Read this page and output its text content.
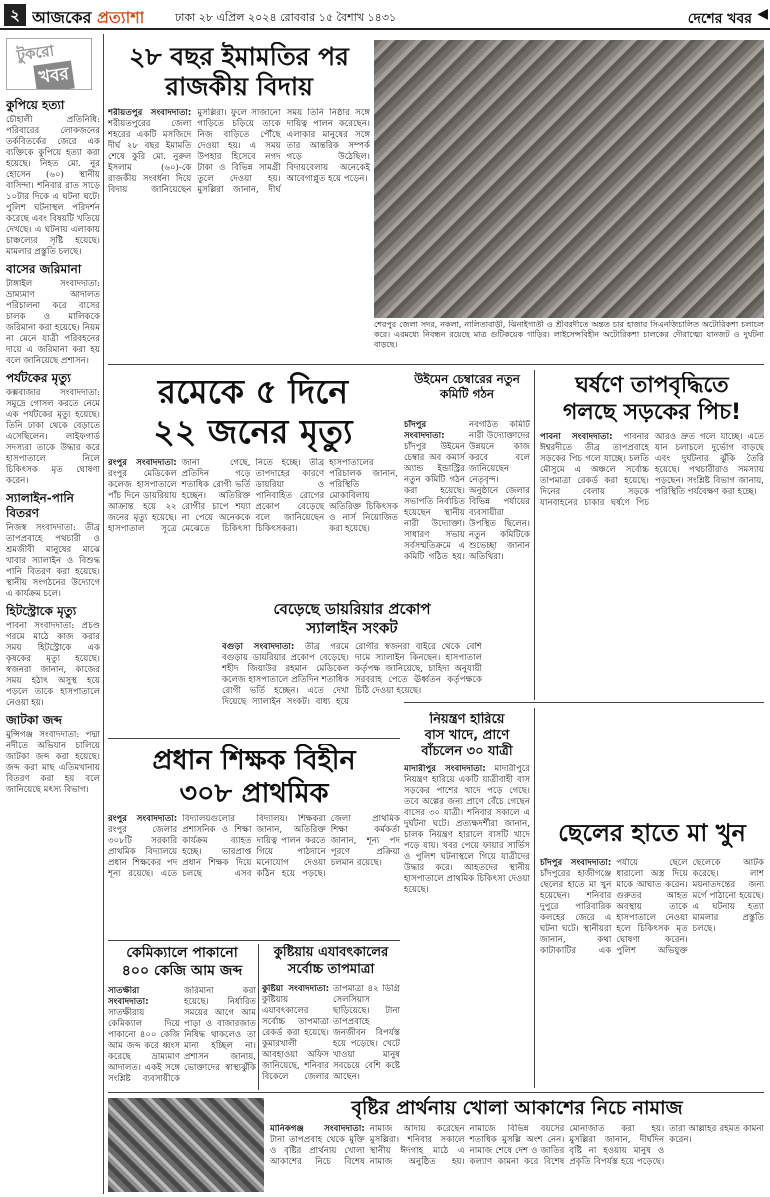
২ আজকের প্রত্যাশা	ঢাকা ২৮ এপ্রিল ২০২৪ রোববার ১৫ বৈশাখ ১৪৩১	দেশের খবর ◀
টুকরো
খবর
কুপিয়ে হত্যা

চৌহালী প্রতিনিধি: পরিবারের লোকজনের তর্কবিতর্কের জেরে এক ব্যক্তিকে কুপিয়ে হত্যা করা হয়েছে। নিহত মো. নুর হোসেন (৬০) স্থানীয় বাসিন্দা। শনিবার রাত সাড়ে ১০টার দিকে এ ঘটনা ঘটে। পুলিশ ঘটনাস্থল পরিদর্শন করেছে এবং বিষয়টি খতিয়ে দেখছে। এ ঘটনায় এলাকায় চাঞ্চল্যের সৃষ্টি হয়েছে। মামলার প্রস্তুতি চলছে।

বাসের জরিমানা

টাঙ্গাইল সংবাদদাতা: ভ্রাম্যমাণ আদালত পরিচালনা করে বাসের চালক ও মালিককে জরিমানা করা হয়েছে। নিয়ম না মেনে যাত্রী পরিবহনের দায়ে এ জরিমানা করা হয় বলে জানিয়েছে প্রশাসন।

পর্যটকের মৃত্যু

কক্সবাজার সংবাদদাতা: সমুদ্রে গোসল করতে নেমে এক পর্যটকের মৃত্যু হয়েছে। তিনি ঢাকা থেকে বেড়াতে এসেছিলেন। লাইফগার্ড সদস্যরা তাকে উদ্ধার করে হাসপাতালে নিলে চিকিৎসক মৃত ঘোষণা করেন।

স্যালাইন-পানি বিতরণ

নিজস্ব সংবাদদাতা: তীব্র তাপপ্রবাহে পথচারী ও শ্রমজীবী মানুষের মাঝে খাবার স্যালাইন ও বিশুদ্ধ পানি বিতরণ করা হয়েছে। স্থানীয় সংগঠনের উদ্যোগে এ কার্যক্রম চলে।

হিটস্ট্রোকে মৃত্যু

পাবনা সংবাদদাতা: প্রচণ্ড গরমে মাঠে কাজ করার সময় হিটস্ট্রোকে এক কৃষকের মৃত্যু হয়েছে। স্বজনরা জানান, কাজের সময় হঠাৎ অসুস্থ হয়ে পড়লে তাকে হাসপাতালে নেওয়া হয়।

জাটকা জব্দ

মুন্সিগঞ্জ সংবাদদাতা: পদ্মা নদীতে অভিযান চালিয়ে জাটকা জব্দ করা হয়েছে। জব্দ করা মাছ এতিমখানায় বিতরণ করা হয় বলে জানিয়েছে মৎস্য বিভাগ।

২৮ বছর ইমামতির পর
রাজকীয় বিদায়
শরীয়তপুর সংবাদদাতা: শরীয়তপুরের জেলা শহরের একটি মসজিদে দীর্ঘ ২৮ বছর ইমামতি শেষে কুরি মো. নুরুল ইসলাম (৬০)-কে রাজকীয় সংবর্ধনা দিয়ে বিদায় জানিয়েছেন মুসল্লিরা। ফুলে সাজানো গাড়িতে চড়িয়ে তাকে নিজ বাড়িতে পৌঁছে দেওয়া হয়। এ সময় উপহার হিসেবে নগদ টাকা ও বিভিন্ন সামগ্রী তুলে দেওয়া হয়। মুসল্লিরা জানান, দীর্ঘ সময় তিনি নিষ্ঠার সঙ্গে দায়িত্ব পালন করেছেন। এলাকার মানুষের সঙ্গে তার আন্তরিক সম্পর্ক গড়ে উঠেছিল। বিদায়বেলায় অনেকেই আবেগাপ্লুত হয়ে পড়েন।
শেরপুর জেলা সদর, নকলা, নালিতাবাড়ী, ঝিনাইগাতী ও শ্রীবরদীতে অন্তত চার হাজার সিএনজিচালিত অটোরিকশা চলাচল করে। এরমধ্যে নিবন্ধন রয়েছে মাত্র গুটিকয়েক গাড়ির। লাইসেন্সবিহীন অটোরিকশা চালকের দৌরাত্ম্যে যানজট ও দুর্ঘটনা বাড়ছে।
রমেকে ৫ দিনে
২২ জনের মৃত্যু
রংপুর সংবাদদাতা: রংপুর মেডিকেল কলেজ হাসপাতালে পাঁচ দিনে ডায়রিয়ায় আক্রান্ত হয়ে ২২ জনের মৃত্যু হয়েছে। হাসপাতাল সূত্রে জানা গেছে, প্রতিদিন গড়ে শতাধিক রোগী ভর্তি হচ্ছেন। অতিরিক্ত রোগীর চাপে শয্যা না পেয়ে অনেককে মেঝেতে চিকিৎসা নিতে হচ্ছে। তীব্র তাপদাহের কারণে ডায়রিয়া ও পানিবাহিত রোগের প্রকোপ বেড়েছে বলে জানিয়েছেন চিকিৎসকরা। হাসপাতালের পরিচালক জানান, পরিস্থিতি মোকাবিলায় অতিরিক্ত চিকিৎসক ও নার্স নিয়োজিত করা হয়েছে।
বেড়েছে ডায়রিয়ার প্রকোপ
স্যালাইন সংকট
বগুড়া সংবাদদাতা: তীব্র গরমে বগুড়ায় ডায়রিয়ার প্রকোপ বেড়েছে। শহীদ জিয়াউর রহমান মেডিকেল কলেজ হাসপাতালে প্রতিদিন শতাধিক রোগী ভর্তি হচ্ছেন। এতে দেখা দিয়েছে স্যালাইন সংকট। বাধ্য হয়ে রোগীর স্বজনরা বাইরে থেকে বেশি দামে স্যালাইন কিনছেন। হাসপাতাল কর্তৃপক্ষ জানিয়েছে, চাহিদা অনুযায়ী সরবরাহ পেতে ঊর্ধ্বতন কর্তৃপক্ষকে চিঠি দেওয়া হয়েছে।
উইমেন চেম্বারের নতুন কমিটি গঠন
চাঁদপুর সংবাদদাতা: চাঁদপুর উইমেন চেম্বার অব কমার্স অ্যান্ড ইন্ডাস্ট্রির নতুন কমিটি গঠন করা হয়েছে। সভাপতি নির্বাচিত হয়েছেন স্থানীয় নারী উদ্যোক্তা। সাধারণ সভায় সর্বসম্মতিক্রমে এ কমিটি গঠিত হয়। নবগঠিত কমিটি নারী উদ্যোক্তাদের উন্নয়নে কাজ করবে বলে জানিয়েছেন নেতৃবৃন্দ। অনুষ্ঠানে জেলার বিভিন্ন পর্যায়ের ব্যবসায়ীরা উপস্থিত ছিলেন। নতুন কমিটিকে শুভেচ্ছা জানান অতিথিরা।
ঘর্ষণে তাপবৃদ্ধিতে
গলছে সড়কের পিচ!
পাবনা সংবাদদাতা: পাবনার ঈশ্বরদীতে তীব্র তাপপ্রবাহে সড়কের পিচ গলে যাচ্ছে। চলতি মৌসুমে এ অঞ্চলে সর্বোচ্চ তাপমাত্রা রেকর্ড করা হয়েছে। দিনের বেলায় সড়কে যানবাহনের চাকার ঘর্ষণে পিচ আরও দ্রুত গলে যাচ্ছে। এতে যান চলাচলে দুর্ভোগ বাড়ছে এবং দুর্ঘটনার ঝুঁকি তৈরি হয়েছে। পথচারীরাও সমস্যায় পড়ছেন। সংশ্লিষ্ট বিভাগ জানায়, পরিস্থিতি পর্যবেক্ষণ করা হচ্ছে।
প্রধান শিক্ষক বিহীন
৩০৮ প্রাথমিক
রংপুর সংবাদদাতা: রংপুর জেলার ৩০৮টি সরকারি প্রাথমিক বিদ্যালয়ে প্রধান শিক্ষকের পদ শূন্য রয়েছে। এতে বিদ্যালয়গুলোর প্রশাসনিক ও শিক্ষা কার্যক্রম ব্যাহত হচ্ছে। ভারপ্রাপ্ত প্রধান শিক্ষক দিয়ে চলছে এসব বিদ্যালয়। শিক্ষকরা জানান, অতিরিক্ত দায়িত্ব পালন করতে গিয়ে পাঠদানে মনোযোগ দেওয়া কঠিন হয়ে পড়ছে। জেলা প্রাথমিক শিক্ষা কর্মকর্তা জানান, শূন্য পদ পূরণে প্রক্রিয়া চলমান রয়েছে।
নিয়ন্ত্রণ হারিয়ে
বাস খাদে, প্রাণে
বাঁচলেন ৩০ যাত্রী
মাদারীপুর সংবাদদাতা: মাদারীপুরে নিয়ন্ত্রণ হারিয়ে একটি যাত্রীবাহী বাস সড়কের পাশের খাদে পড়ে গেছে। তবে অল্পের জন্য প্রাণে বেঁচে গেছেন বাসের ৩০ যাত্রী। শনিবার সকালে এ দুর্ঘটনা ঘটে। প্রত্যক্ষদর্শীরা জানান, চালক নিয়ন্ত্রণ হারালে বাসটি খাদে পড়ে যায়। খবর পেয়ে ফায়ার সার্ভিস ও পুলিশ ঘটনাস্থলে গিয়ে যাত্রীদের উদ্ধার করে। আহতদের স্থানীয় হাসপাতালে প্রাথমিক চিকিৎসা দেওয়া হয়েছে।
ছেলের হাতে মা খুন
চাঁদপুর সংবাদদাতা: চাঁদপুরের হাজীগঞ্জে ছেলের হাতে মা খুন হয়েছেন। শনিবার দুপুরে পারিবারিক কলহের জেরে এ ঘটনা ঘটে। স্থানীয়রা জানান, কথা কাটাকাটির এক পর্যায়ে ছেলে ধারালো অস্ত্র দিয়ে মাকে আঘাত করেন। গুরুতর আহত অবস্থায় তাকে হাসপাতালে নেওয়া হলে চিকিৎসক মৃত ঘোষণা করেন। পুলিশ অভিযুক্ত ছেলেকে আটক করেছে। লাশ ময়নাতদন্তের জন্য মর্গে পাঠানো হয়েছে। এ ঘটনায় হত্যা মামলার প্রস্তুতি চলছে।
কেমিক্যালে পাকানো
৪০০ কেজি আম জব্দ
সাতক্ষীরা সংবাদদাতা: সাতক্ষীরায় কেমিক্যাল দিয়ে পাকানো ৪০০ কেজি আম জব্দ করে ধ্বংস করেছে ভ্রাম্যমাণ আদালত। একই সঙ্গে সংশ্লিষ্ট ব্যবসায়ীকে জরিমানা করা হয়েছে। নির্ধারিত সময়ের আগে আম পাড়া ও বাজারজাত নিষিদ্ধ থাকলেও তা মানা হচ্ছিল না। প্রশাসন জানায়, ভোক্তাদের স্বাস্থ্যঝুঁকি
কুষ্টিয়ায় এযাবৎকালের
সর্বোচ্চ তাপমাত্রা
কুষ্টিয়া সংবাদদাতা: কুষ্টিয়ায় এযাবৎকালের সর্বোচ্চ তাপমাত্রা রেকর্ড করা হয়েছে। কুমারখালী আবহাওয়া অফিস জানিয়েছে, শনিবার বিকেলে জেলার তাপমাত্রা ৪২ ডিগ্রি সেলসিয়াস ছাড়িয়েছে। টানা তাপপ্রবাহে জনজীবন বিপর্যস্ত হয়ে পড়েছে। খেটে খাওয়া মানুষ সবচেয়ে বেশি কষ্টে আছেন।
বৃষ্টির প্রার্থনায় খোলা আকাশের নিচে নামাজ
মানিকগঞ্জ সংবাদদাতা: টানা তাপপ্রবাহ থেকে মুক্তি ও বৃষ্টির প্রার্থনায় খোলা আকাশের নিচে বিশেষ নামাজ আদায় করেছেন মুসল্লিরা। শনিবার সকালে স্থানীয় ঈদগাহ মাঠে এ নামাজ অনুষ্ঠিত হয়। নামাজে বিভিন্ন বয়সের শতাধিক মুসল্লি অংশ নেন। নামাজ শেষে দেশ ও জাতির কল্যাণ কামনা করে বিশেষ মোনাজাত করা হয়। মুসল্লিরা জানান, দীর্ঘদিন বৃষ্টি না হওয়ায় মানুষ ও প্রকৃতি বিপর্যস্ত হয়ে পড়েছে। তারা আল্লাহর রহমত কামনা করেন।
